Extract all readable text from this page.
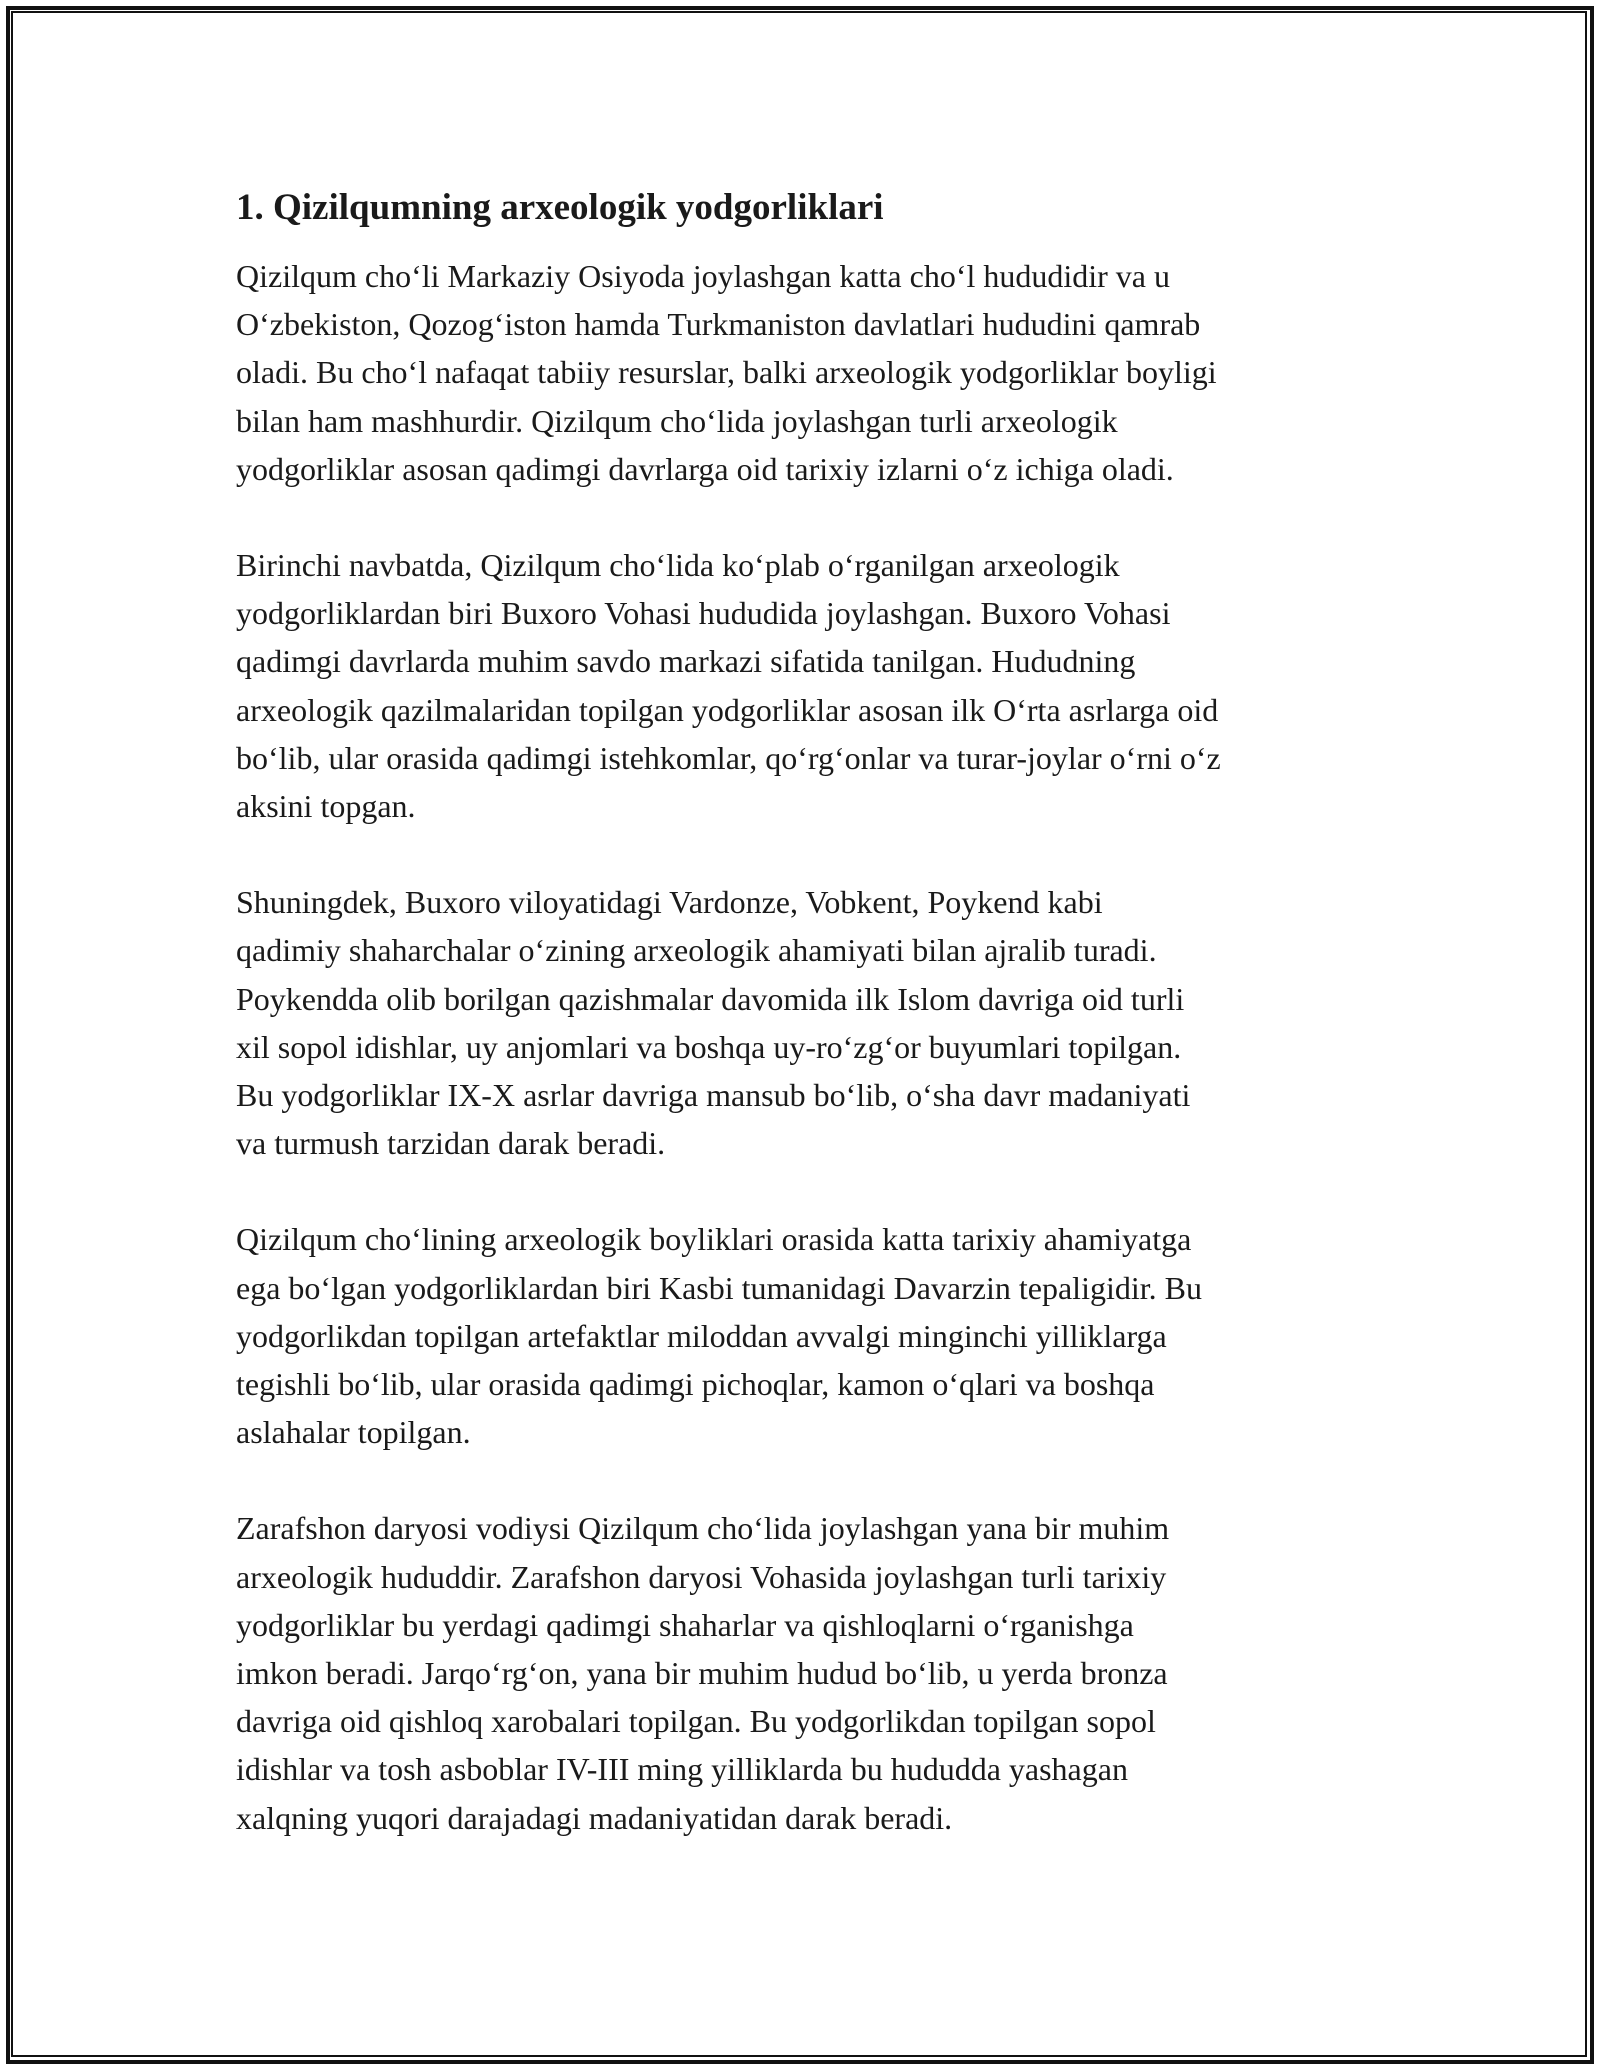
1. Qizilqumning arxeologik yodgorliklari

Qizilqum cho‘li Markaziy Osiyoda joylashgan katta cho‘l hududidir va u
O‘zbekiston, Qozog‘iston hamda Turkmaniston davlatlari hududini qamrab
oladi. Bu cho‘l nafaqat tabiiy resurslar, balki arxeologik yodgorliklar boyligi
bilan ham mashhurdir. Qizilqum cho‘lida joylashgan turli arxeologik
yodgorliklar asosan qadimgi davrlarga oid tarixiy izlarni o‘z ichiga oladi.

Birinchi navbatda, Qizilqum cho‘lida ko‘plab o‘rganilgan arxeologik
yodgorliklardan biri Buxoro Vohasi hududida joylashgan. Buxoro Vohasi
qadimgi davrlarda muhim savdo markazi sifatida tanilgan. Hududning
arxeologik qazilmalaridan topilgan yodgorliklar asosan ilk O‘rta asrlarga oid
bo‘lib, ular orasida qadimgi istehkomlar, qo‘rg‘onlar va turar-joylar o‘rni o‘z
aksini topgan.

Shuningdek, Buxoro viloyatidagi Vardonze, Vobkent, Poykend kabi
qadimiy shaharchalar o‘zining arxeologik ahamiyati bilan ajralib turadi.
Poykendda olib borilgan qazishmalar davomida ilk Islom davriga oid turli
xil sopol idishlar, uy anjomlari va boshqa uy-ro‘zg‘or buyumlari topilgan.
Bu yodgorliklar IX-X asrlar davriga mansub bo‘lib, o‘sha davr madaniyati
va turmush tarzidan darak beradi.

Qizilqum cho‘lining arxeologik boyliklari orasida katta tarixiy ahamiyatga
ega bo‘lgan yodgorliklardan biri Kasbi tumanidagi Davarzin tepaligidir. Bu
yodgorlikdan topilgan artefaktlar miloddan avvalgi minginchi yilliklarga
tegishli bo‘lib, ular orasida qadimgi pichoqlar, kamon o‘qlari va boshqa
aslahalar topilgan.

Zarafshon daryosi vodiysi Qizilqum cho‘lida joylashgan yana bir muhim
arxeologik hududdir. Zarafshon daryosi Vohasida joylashgan turli tarixiy
yodgorliklar bu yerdagi qadimgi shaharlar va qishloqlarni o‘rganishga
imkon beradi. Jarqo‘rg‘on, yana bir muhim hudud bo‘lib, u yerda bronza
davriga oid qishloq xarobalari topilgan. Bu yodgorlikdan topilgan sopol
idishlar va tosh asboblar IV-III ming yilliklarda bu hududda yashagan
xalqning yuqori darajadagi madaniyatidan darak beradi.
